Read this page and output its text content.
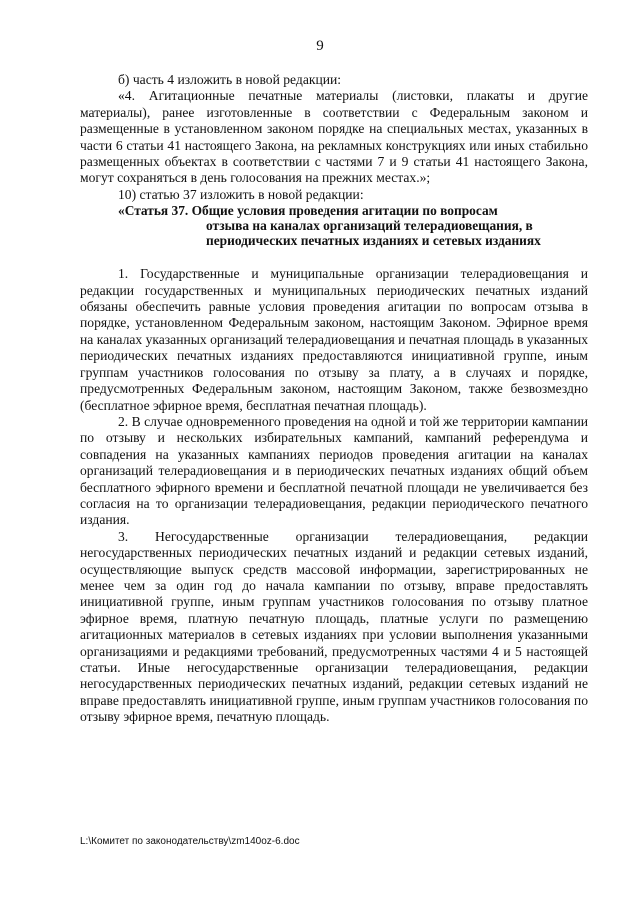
9

б) часть 4 изложить в новой редакции:

«4. Агитационные печатные материалы (листовки, плакаты и другие материалы), ранее изготовленные в соответствии с Федеральным законом и размещенные в установленном законом порядке на специальных местах, указанных в части 6 статьи 41 настоящего Закона, на рекламных конструкциях или иных стабильно размещенных объектах в соответствии с частями 7 и 9 статьи 41 настоящего Закона, могут сохраняться в день голосования на прежних местах.»;

10) статью 37 изложить в новой редакции:

«Статья 37. Общие условия проведения агитации по вопросам
отзыва на каналах организаций телерадиовещания, в периодических печатных изданиях и сетевых изданиях

1. Государственные и муниципальные организации телерадиовещания и редакции государственных и муниципальных периодических печатных изданий обязаны обеспечить равные условия проведения агитации по вопросам отзыва в порядке, установленном Федеральным законом, настоящим Законом. Эфирное время на каналах указанных организаций телерадиовещания и печатная площадь в указанных периодических печатных изданиях предоставляются инициативной группе, иным группам участников голосования по отзыву за плату, а в случаях и порядке, предусмотренных Федеральным законом, настоящим Законом, также безвозмездно (бесплатное эфирное время, бесплатная печатная площадь).

2. В случае одновременного проведения на одной и той же территории кампании по отзыву и нескольких избирательных кампаний, кампаний референдума и совпадения на указанных кампаниях периодов проведения агитации на каналах организаций телерадиовещания и в периодических печатных изданиях общий объем бесплатного эфирного времени и бесплатной печатной площади не увеличивается без согласия на то организации телерадиовещания, редакции периодического печатного издания.

3. Негосударственные организации телерадиовещания, редакции негосударственных периодических печатных изданий и редакции сетевых изданий, осуществляющие выпуск средств массовой информации, зарегистрированных не менее чем за один год до начала кампании по отзыву, вправе предоставлять инициативной группе, иным группам участников голосования по отзыву платное эфирное время, платную печатную площадь, платные услуги по размещению агитационных материалов в сетевых изданиях при условии выполнения указанными организациями и редакциями требований, предусмотренных частями 4 и 5 настоящей статьи. Иные негосударственные организации телерадиовещания, редакции негосударственных периодических печатных изданий, редакции сетевых изданий не вправе предоставлять инициативной группе, иным группам участников голосования по отзыву эфирное время, печатную площадь.

L:\Комитет по законодательству\zm140oz-6.doc
